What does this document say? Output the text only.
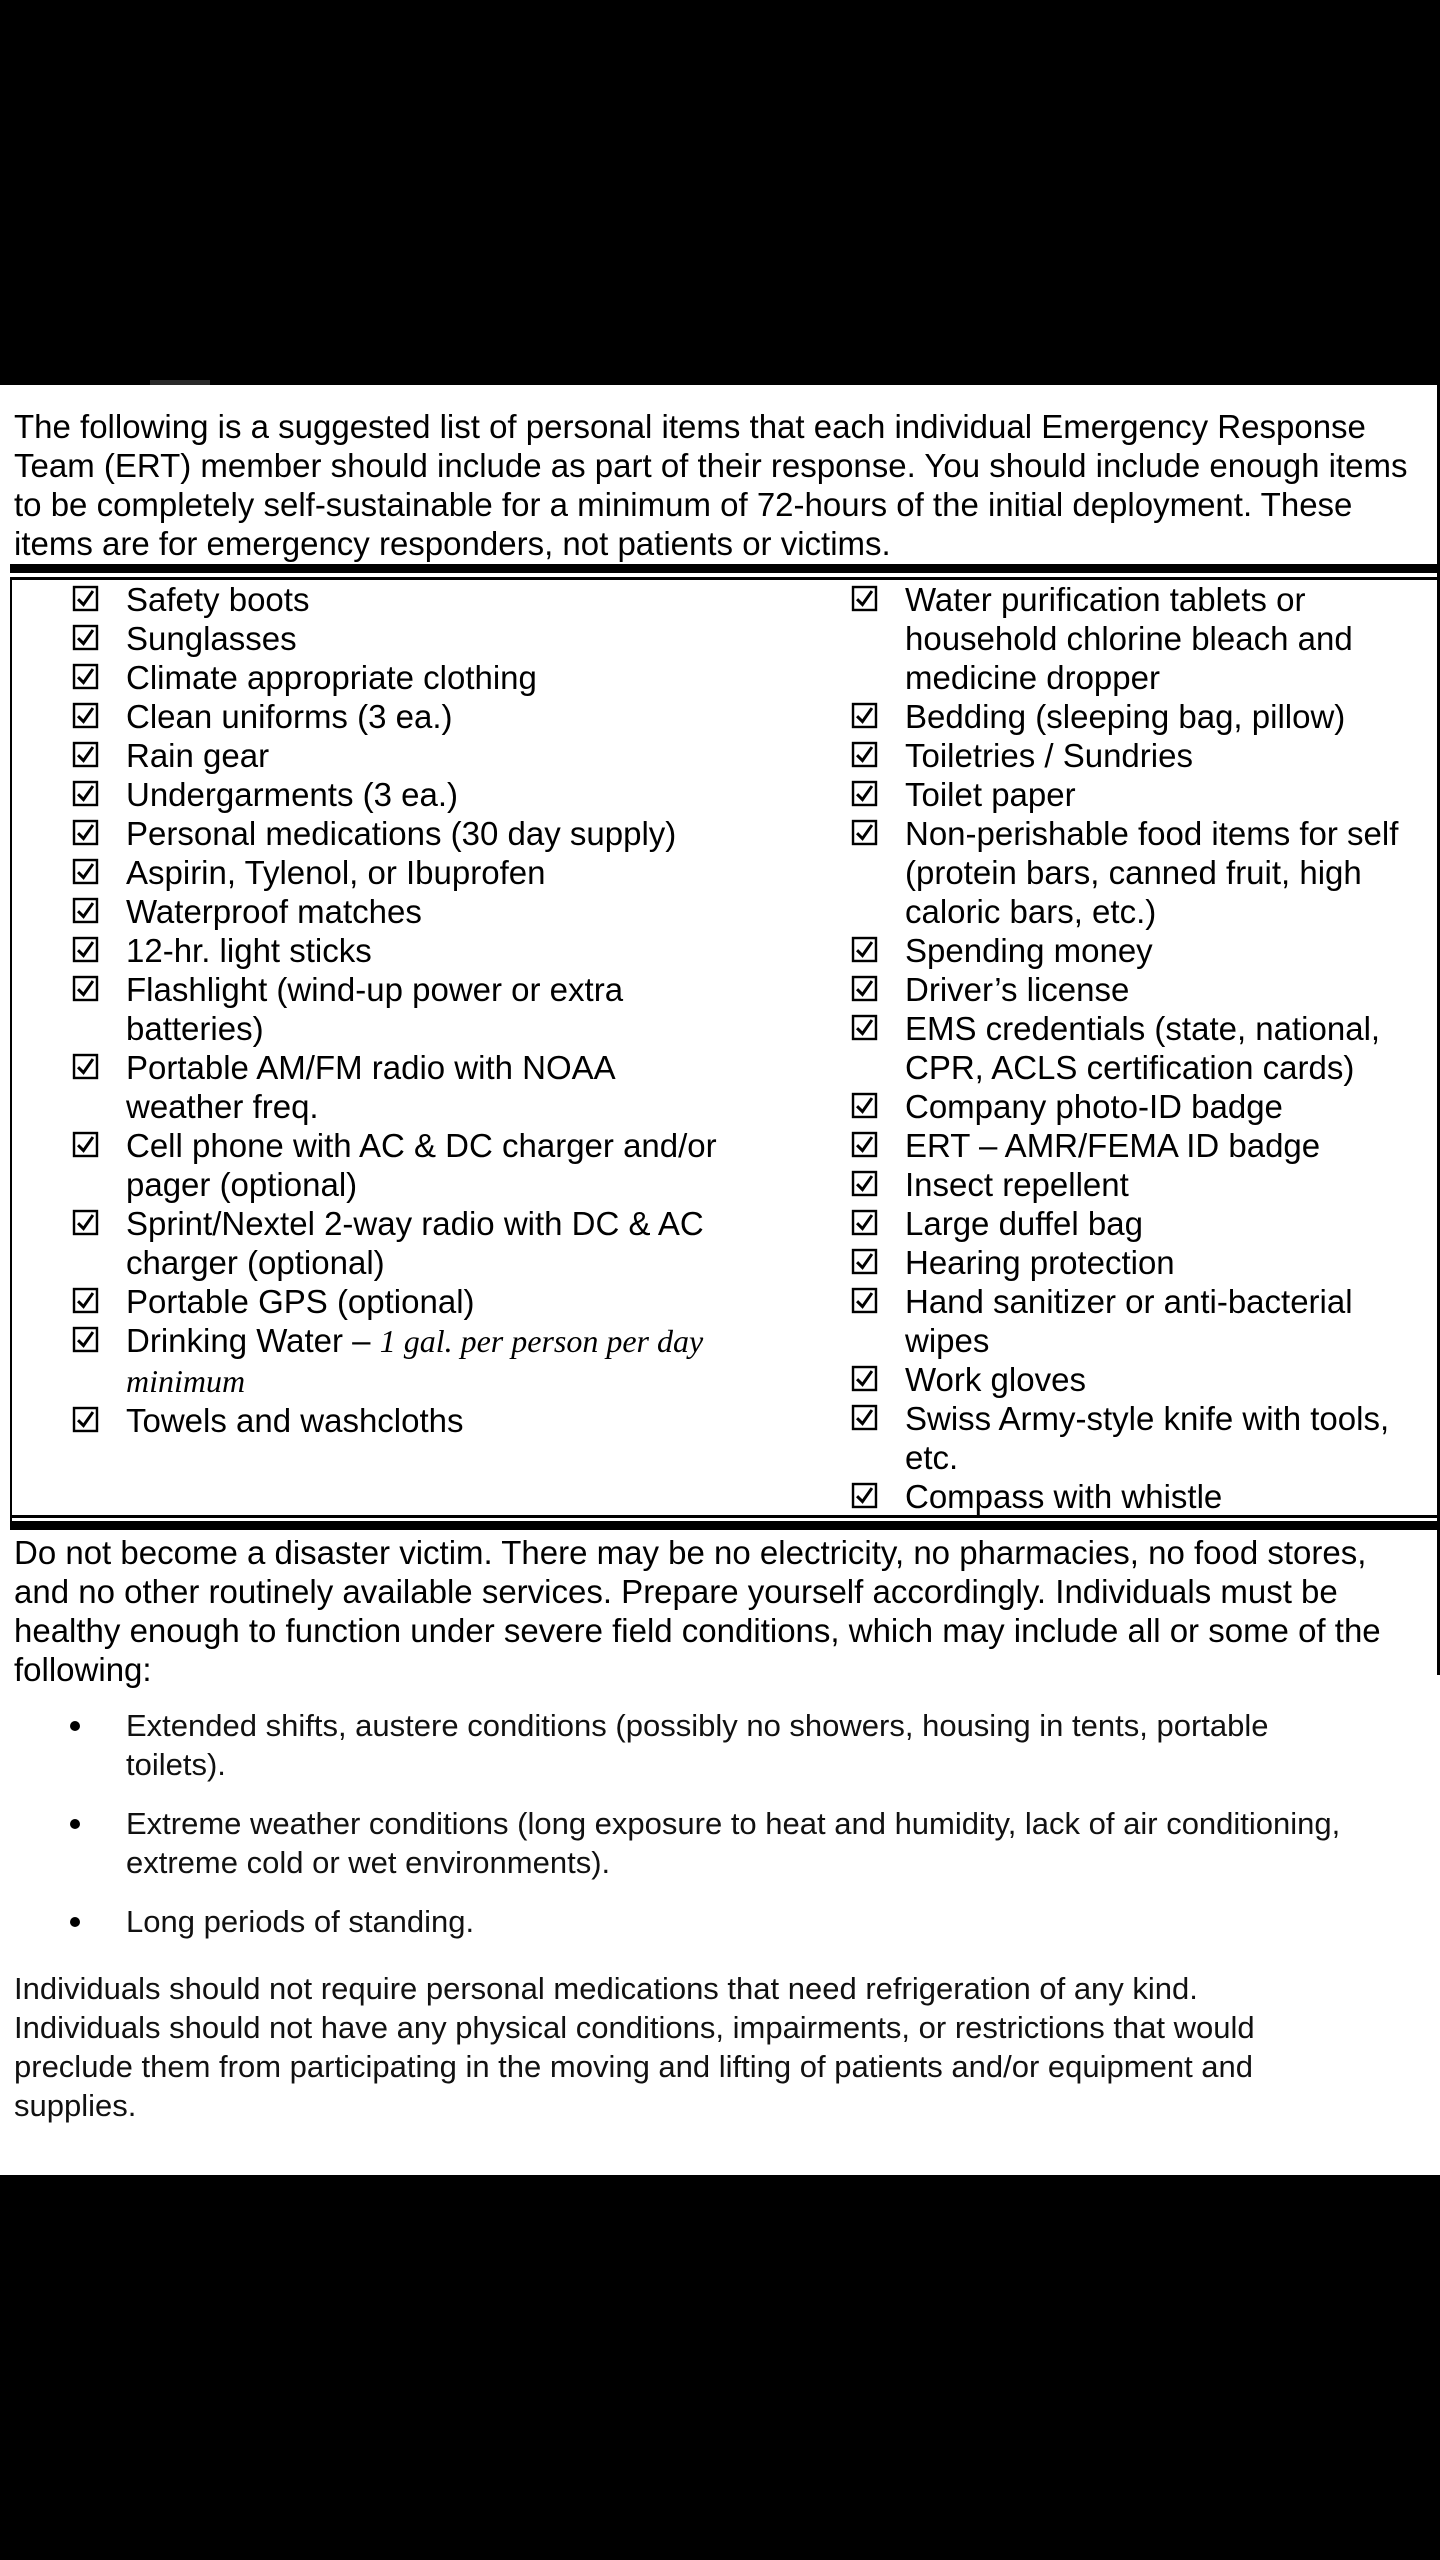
The following is a suggested list of personal items that each individual Emergency Response
Team (ERT) member should include as part of their response. You should include enough items
to be completely self-sustainable for a minimum of 72-hours of the initial deployment. These
items are for emergency responders, not patients or victims.

Safety boots
Sunglasses
Climate appropriate clothing
Clean uniforms (3 ea.)
Rain gear
Undergarments (3 ea.)
Personal medications (30 day supply)
Aspirin, Tylenol, or Ibuprofen
Waterproof matches
12-hr. light sticks
Flashlight (wind-up power or extra batteries)
Portable AM/FM radio with NOAA weather freq.
Cell phone with AC & DC charger and/or pager (optional)
Sprint/Nextel 2-way radio with DC & AC charger (optional)
Portable GPS (optional)
Drinking Water – 1 gal. per person per day minimum
Towels and washcloths
Water purification tablets or household chlorine bleach and medicine dropper
Bedding (sleeping bag, pillow)
Toiletries / Sundries
Toilet paper
Non-perishable food items for self (protein bars, canned fruit, high caloric bars, etc.)
Spending money
Driver’s license
EMS credentials (state, national, CPR, ACLS certification cards)
Company photo-ID badge
ERT – AMR/FEMA ID badge
Insect repellent
Large duffel bag
Hearing protection
Hand sanitizer or anti-bacterial wipes
Work gloves
Swiss Army-style knife with tools, etc.
Compass with whistle

Do not become a disaster victim. There may be no electricity, no pharmacies, no food stores,
and no other routinely available services. Prepare yourself accordingly. Individuals must be
healthy enough to function under severe field conditions, which may include all or some of the
following:

Extended shifts, austere conditions (possibly no showers, housing in tents, portable
toilets).
Extreme weather conditions (long exposure to heat and humidity, lack of air conditioning,
extreme cold or wet environments).
Long periods of standing.

Individuals should not require personal medications that need refrigeration of any kind.
Individuals should not have any physical conditions, impairments, or restrictions that would
preclude them from participating in the moving and lifting of patients and/or equipment and
supplies.
